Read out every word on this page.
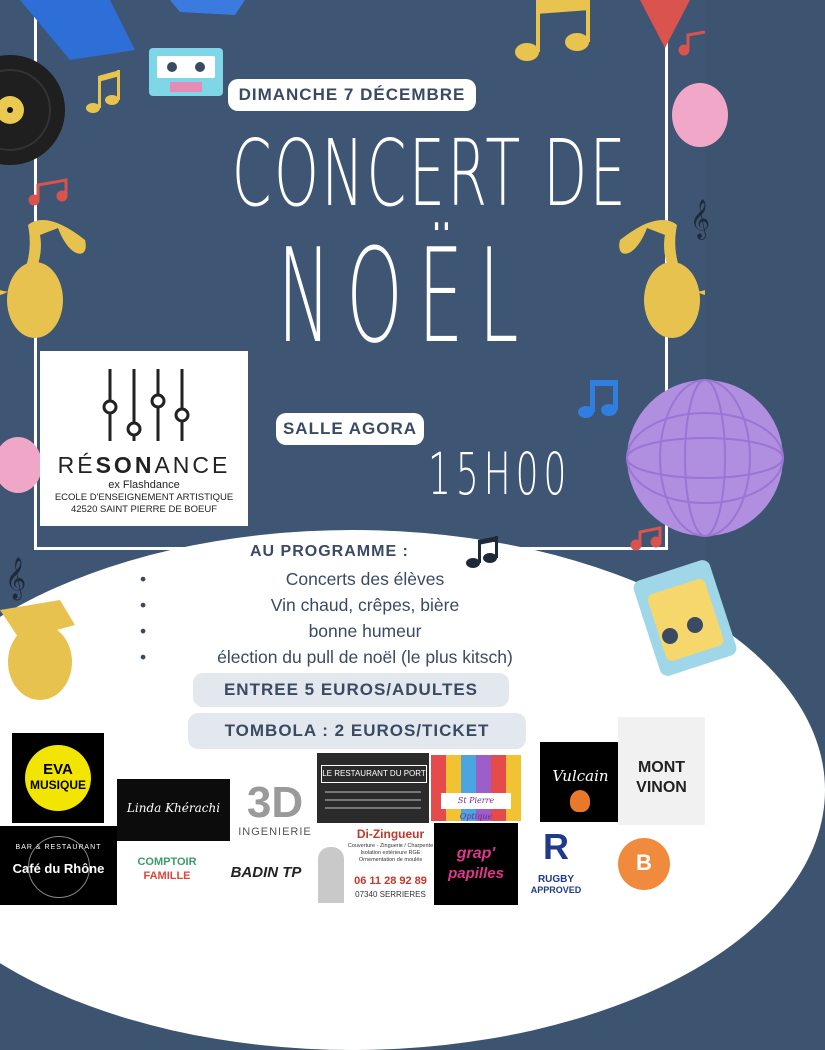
𝄞
𝄞
DIMANCHE 7 DÉCEMBRE
CONCERT DE
NOËL
RÉSONANCE
ex Flashdance
ECOLE D'ENSEIGNEMENT ARTISTIQUE
42520 SAINT PIERRE DE BOEUF
SALLE AGORA
15H00
AU PROGRAMME :
•	Concerts des élèves
•	Vin chaud, crêpes, bière
•	bonne humeur
•	élection du pull de noël (le plus kitsch)
ENTREE 5 EUROS/ADULTES
TOMBOLA : 2 EUROS/TICKET
EVA
MUSIQUE
Linda Khérachi 3D
INGENIERIE
LE RESTAURANT DU PORT
St Pierre Optique
Vulcain	MONT
VINON
BAR & RESTAURANT
Café du Rhône	COMPTOIR
FAMILLE	BADIN TP
Di-Zingueur
Couverture - Zinguerie / Charpente Isolation extérieure RGE Ornementation de moulés
06 11 28 92 89
07340 SERRIERES
grap'
papilles
R
RUGBY
APPROVED
B
